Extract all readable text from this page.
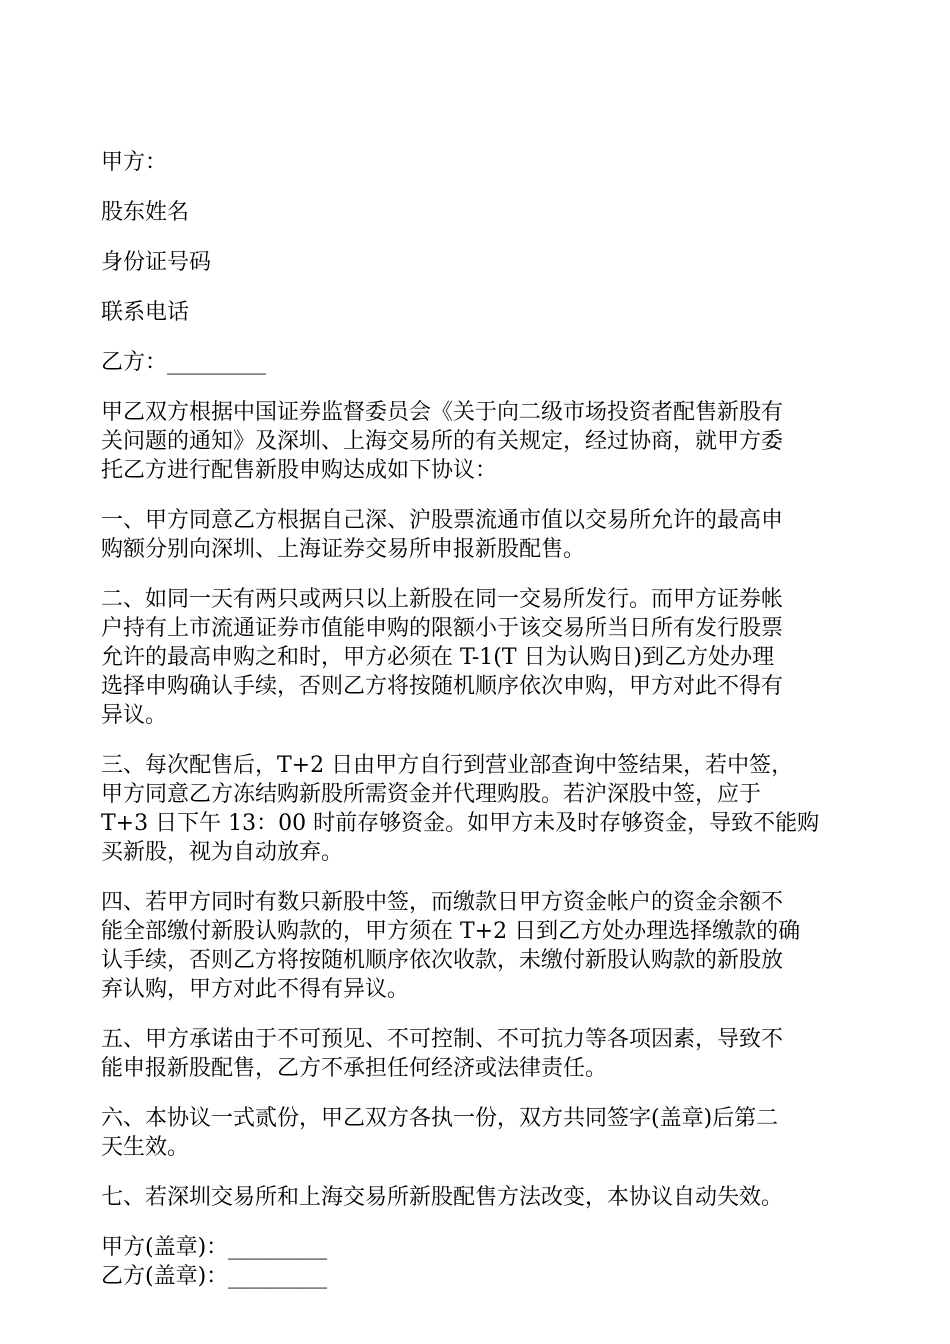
甲方：

股东姓名

身份证号码

联系电话

乙方：_________

甲乙双方根据中国证券监督委员会《关于向二级市场投资者配售新股有
关问题的通知》及深圳、上海交易所的有关规定，经过协商，就甲方委
托乙方进行配售新股申购达成如下协议：
一、甲方同意乙方根据自己深、沪股票流通市值以交易所允许的最高申
购额分别向深圳、上海证券交易所申报新股配售。
二、如同一天有两只或两只以上新股在同一交易所发行。而甲方证券帐
户持有上市流通证券市值能申购的限额小于该交易所当日所有发行股票
允许的最高申购之和时，甲方必须在 T-1(T 日为认购日)到乙方处办理
选择申购确认手续，否则乙方将按随机顺序依次申购，甲方对此不得有
异议。
三、每次配售后，T+2 日由甲方自行到营业部查询中签结果，若中签，
甲方同意乙方冻结购新股所需资金并代理购股。若沪深股中签，应于
T+3 日下午 13：00 时前存够资金。如甲方未及时存够资金，导致不能购
买新股，视为自动放弃。
四、若甲方同时有数只新股中签，而缴款日甲方资金帐户的资金余额不
能全部缴付新股认购款的，甲方须在 T+2 日到乙方处办理选择缴款的确
认手续，否则乙方将按随机顺序依次收款，未缴付新股认购款的新股放
弃认购，甲方对此不得有异议。
五、甲方承诺由于不可预见、不可控制、不可抗力等各项因素，导致不
能申报新股配售，乙方不承担任何经济或法律责任。
六、本协议一式贰份，甲乙双方各执一份，双方共同签字(盖章)后第二
天生效。
七、若深圳交易所和上海交易所新股配售方法改变，本协议自动失效。
甲方(盖章)：_________
乙方(盖章)：_________
